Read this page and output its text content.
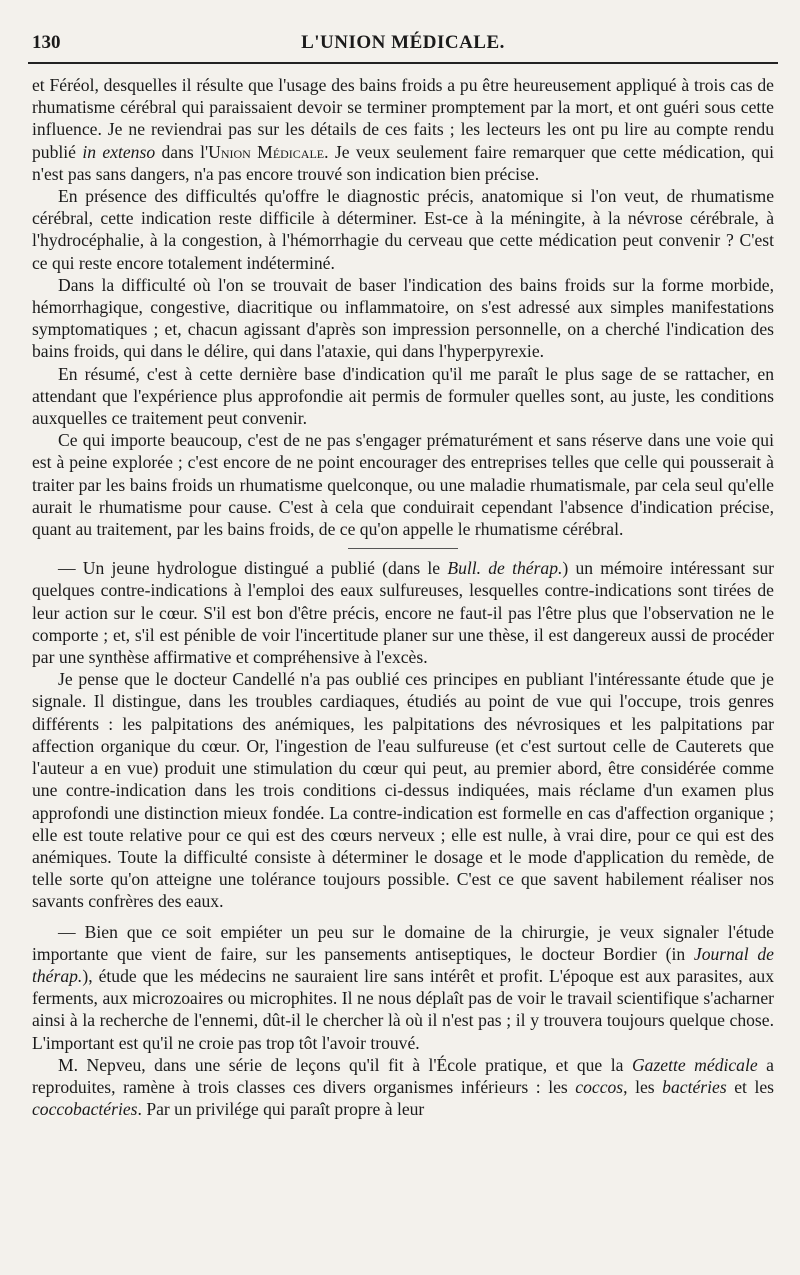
130	L'UNION MÉDICALE.

et Féréol, desquelles il résulte que l'usage des bains froids a pu être heureusement appliqué à trois cas de rhumatisme cérébral qui paraissaient devoir se terminer promptement par la mort, et ont guéri sous cette influence. Je ne reviendrai pas sur les détails de ces faits ; les lecteurs les ont pu lire au compte rendu publié in extenso dans l'Union Médicale. Je veux seulement faire remarquer que cette médication, qui n'est pas sans dangers, n'a pas encore trouvé son indication bien précise.

En présence des difficultés qu'offre le diagnostic précis, anatomique si l'on veut, de rhumatisme cérébral, cette indication reste difficile à déterminer. Est-ce à la méningite, à la névrose cérébrale, à l'hydrocéphalie, à la congestion, à l'hémorrhagie du cerveau que cette médication peut convenir ? C'est ce qui reste encore totalement indéterminé.

Dans la difficulté où l'on se trouvait de baser l'indication des bains froids sur la forme morbide, hémorrhagique, congestive, diacritique ou inflammatoire, on s'est adressé aux simples manifestations symptomatiques ; et, chacun agissant d'après son impression personnelle, on a cherché l'indication des bains froids, qui dans le délire, qui dans l'ataxie, qui dans l'hyperpyrexie.

En résumé, c'est à cette dernière base d'indication qu'il me paraît le plus sage de se rattacher, en attendant que l'expérience plus approfondie ait permis de formuler quelles sont, au juste, les conditions auxquelles ce traitement peut convenir.

Ce qui importe beaucoup, c'est de ne pas s'engager prématurément et sans réserve dans une voie qui est à peine explorée ; c'est encore de ne point encourager des entreprises telles que celle qui pousserait à traiter par les bains froids un rhumatisme quelconque, ou une maladie rhumatismale, par cela seul qu'elle aurait le rhumatisme pour cause. C'est à cela que conduirait cependant l'absence d'indication précise, quant au traitement, par les bains froids, de ce qu'on appelle le rhumatisme cérébral.

— Un jeune hydrologue distingué a publié (dans le Bull. de thérap.) un mémoire intéressant sur quelques contre-indications à l'emploi des eaux sulfureuses, lesquelles contre-indications sont tirées de leur action sur le cœur. S'il est bon d'être précis, encore ne faut-il pas l'être plus que l'observation ne le comporte ; et, s'il est pénible de voir l'incertitude planer sur une thèse, il est dangereux aussi de procéder par une synthèse affirmative et compréhensive à l'excès.

Je pense que le docteur Candellé n'a pas oublié ces principes en publiant l'intéressante étude que je signale. Il distingue, dans les troubles cardiaques, étudiés au point de vue qui l'occupe, trois genres différents : les palpitations des anémiques, les palpitations des névrosiques et les palpitations par affection organique du cœur. Or, l'ingestion de l'eau sulfureuse (et c'est surtout celle de Cauterets que l'auteur a en vue) produit une stimulation du cœur qui peut, au premier abord, être considérée comme une contre-indication dans les trois conditions ci-dessus indiquées, mais réclame d'un examen plus approfondi une distinction mieux fondée. La contre-indication est formelle en cas d'affection organique ; elle est toute relative pour ce qui est des cœurs nerveux ; elle est nulle, à vrai dire, pour ce qui est des anémiques. Toute la difficulté consiste à déterminer le dosage et le mode d'application du remède, de telle sorte qu'on atteigne une tolérance toujours possible. C'est ce que savent habilement réaliser nos savants confrères des eaux.

— Bien que ce soit empiéter un peu sur le domaine de la chirurgie, je veux signaler l'étude importante que vient de faire, sur les pansements antiseptiques, le docteur Bordier (in Journal de thérap.), étude que les médecins ne sauraient lire sans intérêt et profit. L'époque est aux parasites, aux ferments, aux microzoaires ou microphites. Il ne nous déplaît pas de voir le travail scientifique s'acharner ainsi à la recherche de l'ennemi, dût-il le chercher là où il n'est pas ; il y trouvera toujours quelque chose. L'important est qu'il ne croie pas trop tôt l'avoir trouvé.

M. Nepveu, dans une série de leçons qu'il fit à l'École pratique, et que la Gazette médicale a reproduites, ramène à trois classes ces divers organismes inférieurs : les coccos, les bactéries et les coccobactéries. Par un privilége qui paraît propre à leur
